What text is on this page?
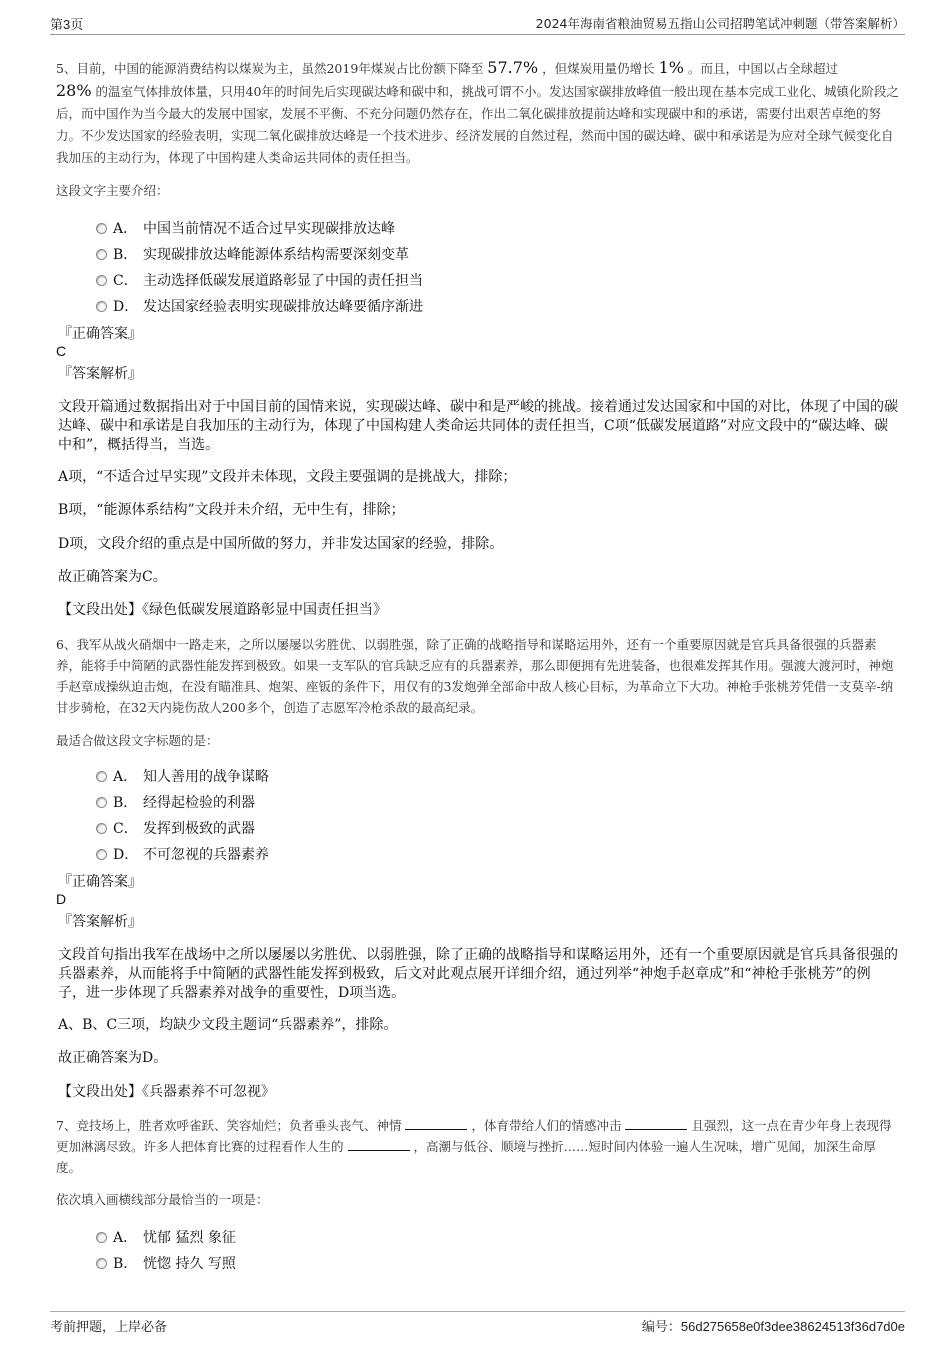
第3页	2024年海南省粮油贸易五指山公司招聘笔试冲刺题（带答案解析）

5、目前，中国的能源消费结构以煤炭为主，虽然2019年煤炭占比份额下降至 57.7% ，但煤炭用量仍增长 1% 。而且，中国以占全球超过
28% 的温室气体排放体量，只用40年的时间先后实现碳达峰和碳中和，挑战可谓不小。发达国家碳排放峰值一般出现在基本完成工业化、城镇化阶段之后，而中国作为当今最大的发展中国家，发展不平衡、不充分问题仍然存在，作出二氧化碳排放提前达峰和实现碳中和的承诺，需要付出艰苦卓绝的努力。不少发达国家的经验表明，实现二氧化碳排放达峰是一个技术进步、经济发展的自然过程，然而中国的碳达峰、碳中和承诺是为应对全球气候变化自我加压的主动行为，体现了中国构建人类命运共同体的责任担当。

这段文字主要介绍：

A． 中国当前情况不适合过早实现碳排放达峰
B． 实现碳排放达峰能源体系结构需要深刻变革
C． 主动选择低碳发展道路彰显了中国的责任担当
D． 发达国家经验表明实现碳排放达峰要循序渐进
『正确答案』
C
『答案解析』

文段开篇通过数据指出对于中国目前的国情来说，实现碳达峰、碳中和是严峻的挑战。接着通过发达国家和中国的对比，体现了中国的碳达峰、碳中和承诺是自我加压的主动行为，体现了中国构建人类命运共同体的责任担当，C项“低碳发展道路”对应文段中的“碳达峰、碳中和”，概括得当，当选。

A项，“不适合过早实现”文段并未体现，文段主要强调的是挑战大，排除；

B项，“能源体系结构”文段并未介绍，无中生有，排除；

D项，文段介绍的重点是中国所做的努力，并非发达国家的经验，排除。

故正确答案为C。

【文段出处】《绿色低碳发展道路彰显中国责任担当》

6、我军从战火硝烟中一路走来，之所以屡屡以劣胜优、以弱胜强，除了正确的战略指导和谋略运用外，还有一个重要原因就是官兵具备很强的兵器素养，能将手中简陋的武器性能发挥到极致。如果一支军队的官兵缺乏应有的兵器素养，那么即便拥有先进装备，也很难发挥其作用。强渡大渡河时，神炮手赵章成操纵迫击炮，在没有瞄准具、炮架、座钣的条件下，用仅有的3发炮弹全部命中敌人核心目标，为革命立下大功。神枪手张桃芳凭借一支莫辛-纳甘步骑枪，在32天内毙伤敌人200多个，创造了志愿军冷枪杀敌的最高纪录。

最适合做这段文字标题的是：

A． 知人善用的战争谋略
B． 经得起检验的利器
C． 发挥到极致的武器
D． 不可忽视的兵器素养
『正确答案』
D
『答案解析』

文段首句指出我军在战场中之所以屡屡以劣胜优、以弱胜强，除了正确的战略指导和谋略运用外，还有一个重要原因就是官兵具备很强的兵器素养，从而能将手中简陋的武器性能发挥到极致，后文对此观点展开详细介绍，通过列举“神炮手赵章成”和“神枪手张桃芳”的例子，进一步体现了兵器素养对战争的重要性，D项当选。

A、B、C三项，均缺少文段主题词“兵器素养”，排除。

故正确答案为D。

【文段出处】《兵器素养不可忽视》

7、竞技场上，胜者欢呼雀跃、笑容灿烂；负者垂头丧气、神情	，体育带给人们的情感冲击	且强烈，这一点在青少年身上表现得更加淋漓尽致。许多人把体育比赛的过程看作人生的	，高潮与低谷、顺境与挫折……短时间内体验一遍人生况味，增广见闻，加深生命厚度。

依次填入画横线部分最恰当的一项是：

A． 忧郁 猛烈 象征
B． 恍惚 持久 写照
考前押题，上岸必备	编号：56d275658e0f3dee38624513f36d7d0e
